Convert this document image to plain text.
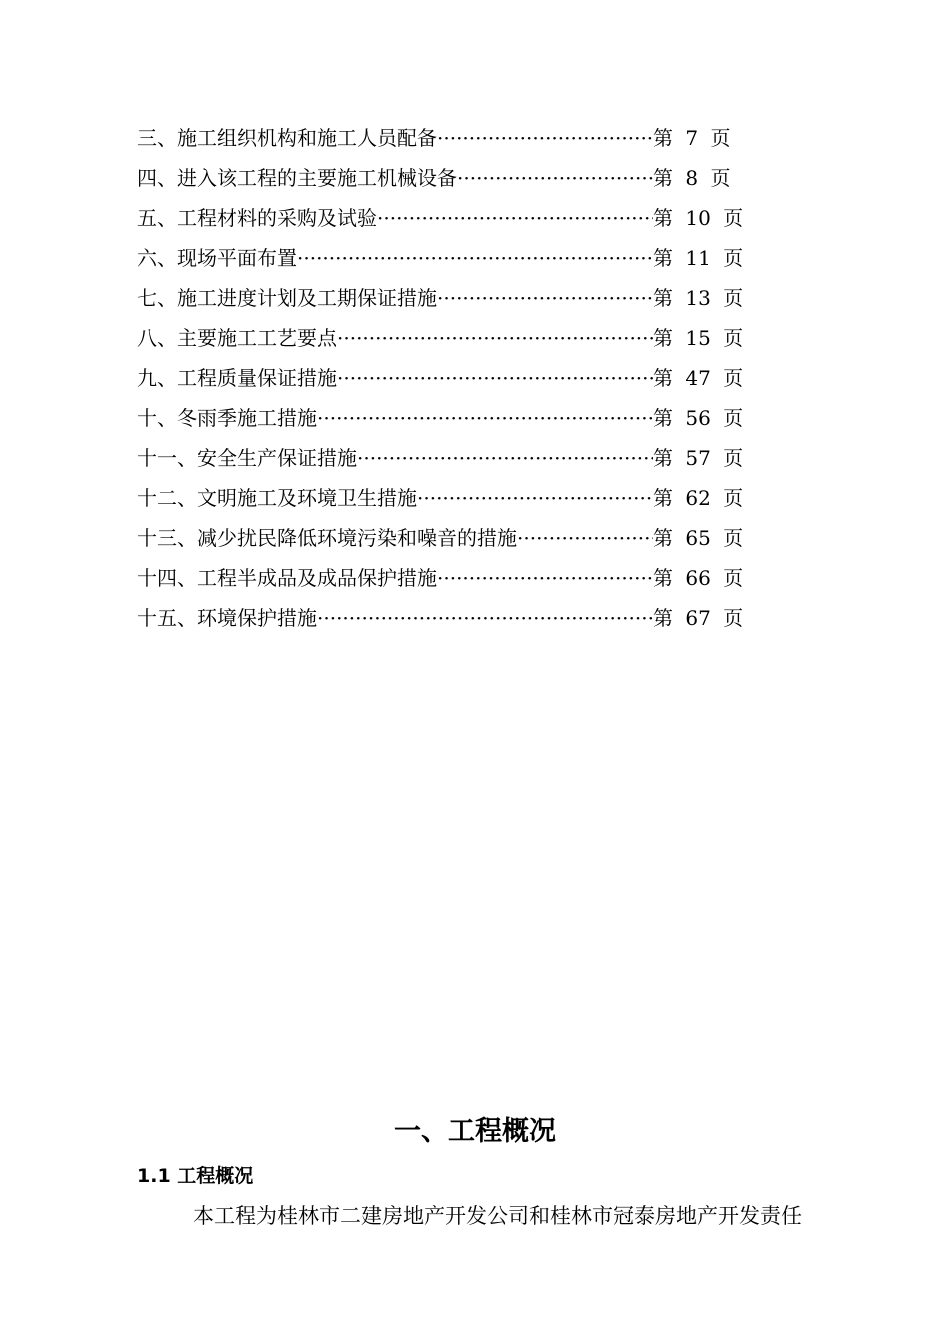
三、施工组织机构和施工人员配备 ·····	第 7 页
四、进入该工程的主要施工机械设备 ·····	第 8 页
五、工程材料的采购及试验 ·····	第 10 页
六、现场平面布置 ·····	第 11 页
七、施工进度计划及工期保证措施 ·····	第 13 页
八、主要施工工艺要点 ·····	第 15 页
九、工程质量保证措施 ·····	第 47 页
十、冬雨季施工措施 ·····	第 56 页
十一、安全生产保证措施 ·····	第 57 页
十二、文明施工及环境卫生措施 ·····	第 62 页
十三、减少扰民降低环境污染和噪音的措施 ·····	第 65 页
十四、工程半成品及成品保护措施 ·····	第 66 页
十五、环境保护措施 ·····	第 67 页
一、工程概况
1.1 工程概况
本工程为桂林市二建房地产开发公司和桂林市冠泰房地产开发责任
